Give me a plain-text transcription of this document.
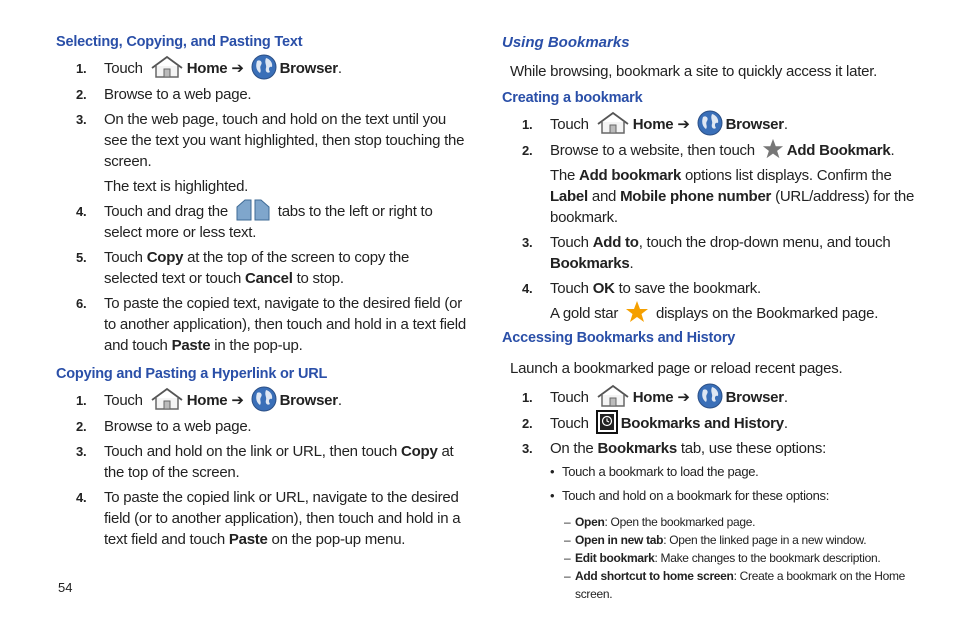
Selecting, Copying, and Pasting Text
1. Touch	Home ➔ Browser.
2. Browse to a web page.
3. On the web page, touch and hold on the text until you see the text you want highlighted, then stop touching the screen.
The text is highlighted.
4. Touch and drag the	tabs to the left or right to select more or less text.
5. Touch Copy at the top of the screen to copy the selected text or touch Cancel to stop.
6. To paste the copied text, navigate to the desired field (or to another application), then touch and hold in a text field and touch Paste in the pop-up.
Copying and Pasting a Hyperlink or URL
1. Touch	Home ➔ Browser.
2. Browse to a web page.
3. Touch and hold on the link or URL, then touch Copy at the top of the screen.
4. To paste the copied link or URL, navigate to the desired field (or to another application), then touch and hold in a text field and touch Paste on the pop-up menu.
Using Bookmarks
While browsing, bookmark a site to quickly access it later.
Creating a bookmark
1. Touch	Home ➔ Browser.
2. Browse to a website, then touch Add Bookmark.
The Add bookmark options list displays. Confirm the Label and Mobile phone number (URL/address) for the bookmark.
3. Touch Add to, touch the drop-down menu, and touch Bookmarks.
4. Touch OK to save the bookmark.
A gold star	displays on the Bookmarked page.
Accessing Bookmarks and History
Launch a bookmarked page or reload recent pages.
1. Touch	Home ➔ Browser.
2. Touch Bookmarks and History.
3. On the Bookmarks tab, use these options:
• Touch a bookmark to load the page.
• Touch and hold on a bookmark for these options:
– Open: Open the bookmarked page.
– Open in new tab: Open the linked page in a new window.
– Edit bookmark: Make changes to the bookmark description.
– Add shortcut to home screen: Create a bookmark on the Home screen.
54
